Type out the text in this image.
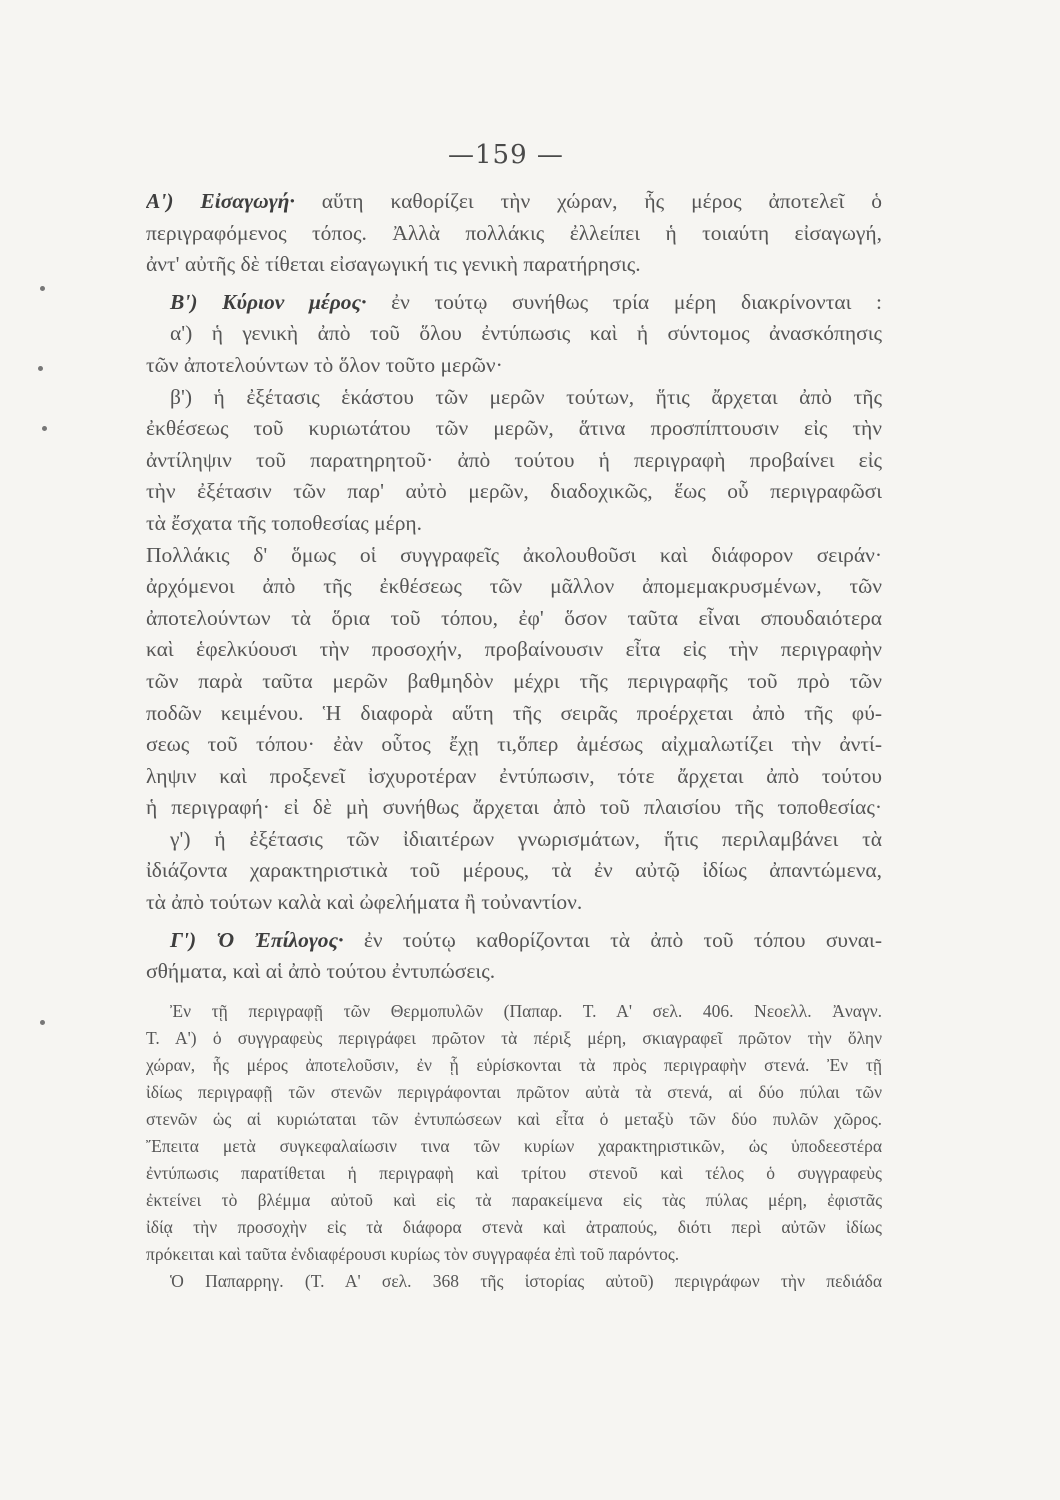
—159 —
Α') Εἰσαγωγή· αὕτη καθορίζει τὴν χώραν, ἧς μέρος ἀποτελεῖ ὁ
περιγραφόμενος τόπος. Ἀλλὰ πολλάκις ἐλλείπει ἡ τοιαύτη εἰσαγωγή,
ἀντ' αὐτῆς δὲ τίθεται εἰσαγωγική τις γενικὴ παρατήρησις.
Β') Κύριον μέρος· ἐν τούτῳ συνήθως τρία μέρη διακρίνονται :
α') ἡ γενικὴ ἀπὸ τοῦ ὅλου ἐντύπωσις καὶ ἡ σύντομος ἀνασκόπησις
τῶν ἀποτελούντων τὸ ὅλον τοῦτο μερῶν·
β') ἡ ἐξέτασις ἑκάστου τῶν μερῶν τούτων, ἥτις ἄρχεται ἀπὸ τῆς
ἐκθέσεως τοῦ κυριωτάτου τῶν μερῶν, ἅτινα προσπίπτουσιν εἰς τὴν
ἀντίληψιν τοῦ παρατηρητοῦ· ἀπὸ τούτου ἡ περιγραφὴ προβαίνει εἰς
τὴν ἐξέτασιν τῶν παρ' αὐτὸ μερῶν, διαδοχικῶς, ἕως οὗ περιγραφῶσι
τὰ ἔσχατα τῆς τοποθεσίας μέρη.
Πολλάκις δ' ὅμως οἱ συγγραφεῖς ἀκολουθοῦσι καὶ διάφορον σειράν·
ἀρχόμενοι ἀπὸ τῆς ἐκθέσεως τῶν μᾶλλον ἀπομεμακρυσμένων, τῶν
ἀποτελούντων τὰ ὅρια τοῦ τόπου, ἐφ' ὅσον ταῦτα εἶναι σπουδαιότερα
καὶ ἑφελκύουσι τὴν προσοχήν, προβαίνουσιν εἶτα εἰς τὴν περιγραφὴν
τῶν παρὰ ταῦτα μερῶν βαθμηδὸν μέχρι τῆς περιγραφῆς τοῦ πρὸ τῶν
ποδῶν κειμένου. Ἡ διαφορὰ αὕτη τῆς σειρᾶς προέρχεται ἀπὸ τῆς φύ-
σεως τοῦ τόπου· ἐὰν οὗτος ἔχῃ τι,ὅπερ ἀμέσως αἰχμαλωτίζει τὴν ἀντί-
ληψιν καὶ προξενεῖ ἰσχυροτέραν ἐντύπωσιν, τότε ἄρχεται ἀπὸ τούτου
ἡ περιγραφή· εἰ δὲ μὴ συνήθως ἄρχεται ἀπὸ τοῦ πλαισίου τῆς τοποθεσίας·
γ') ἡ ἐξέτασις τῶν ἰδιαιτέρων γνωρισμάτων, ἥτις περιλαμβάνει τὰ
ἰδιάζοντα χαρακτηριστικὰ τοῦ μέρους, τὰ ἐν αὐτῷ ἰδίως ἀπαντώμενα,
τὰ ἀπὸ τούτων καλὰ καὶ ὠφελήματα ἢ τοὐναντίον.
Γ') Ὁ Ἐπίλογος· ἐν τούτῳ καθορίζονται τὰ ἀπὸ τοῦ τόπου συναι-
σθήματα, καὶ αἱ ἀπὸ τούτου ἐντυπώσεις.
Ἐν τῇ περιγραφῇ τῶν Θερμοπυλῶν (Παπαρ. Τ. Α' σελ. 406. Νεοελλ. Ἀναγν.
Τ. Α') ὁ συγγραφεὺς περιγράφει πρῶτον τὰ πέριξ μέρη, σκιαγραφεῖ πρῶτον τὴν ὅλην
χώραν, ἧς μέρος ἀποτελοῦσιν, ἐν ᾗ εὑρίσκονται τὰ πρὸς περιγραφὴν στενά. Ἐν τῇ
ἰδίως περιγραφῇ τῶν στενῶν περιγράφονται πρῶτον αὐτὰ τὰ στενά, αἱ δύο πύλαι τῶν
στενῶν ὡς αἱ κυριώταται τῶν ἐντυπώσεων καὶ εἶτα ὁ μεταξὺ τῶν δύο πυλῶν χῶρος.
Ἔπειτα μετὰ συγκεφαλαίωσιν τινα τῶν κυρίων χαρακτηριστικῶν, ὡς ὑποδεεστέρα
ἐντύπωσις παρατίθεται ἡ περιγραφὴ καὶ τρίτου στενοῦ καὶ τέλος ὁ συγγραφεὺς
ἐκτείνει τὸ βλέμμα αὐτοῦ καὶ εἰς τὰ παρακείμενα εἰς τὰς πύλας μέρη, ἐφιστᾶς
ἰδίᾳ τὴν προσοχὴν εἰς τὰ διάφορα στενὰ καὶ ἀτραπούς, διότι περὶ αὐτῶν ἰδίως
πρόκειται καὶ ταῦτα ἐνδιαφέρουσι κυρίως τὸν συγγραφέα ἐπὶ τοῦ παρόντος.
Ὁ Παπαρρηγ. (Τ. Α' σελ. 368 τῆς ἱστορίας αὐτοῦ) περιγράφων τὴν πεδιάδα
